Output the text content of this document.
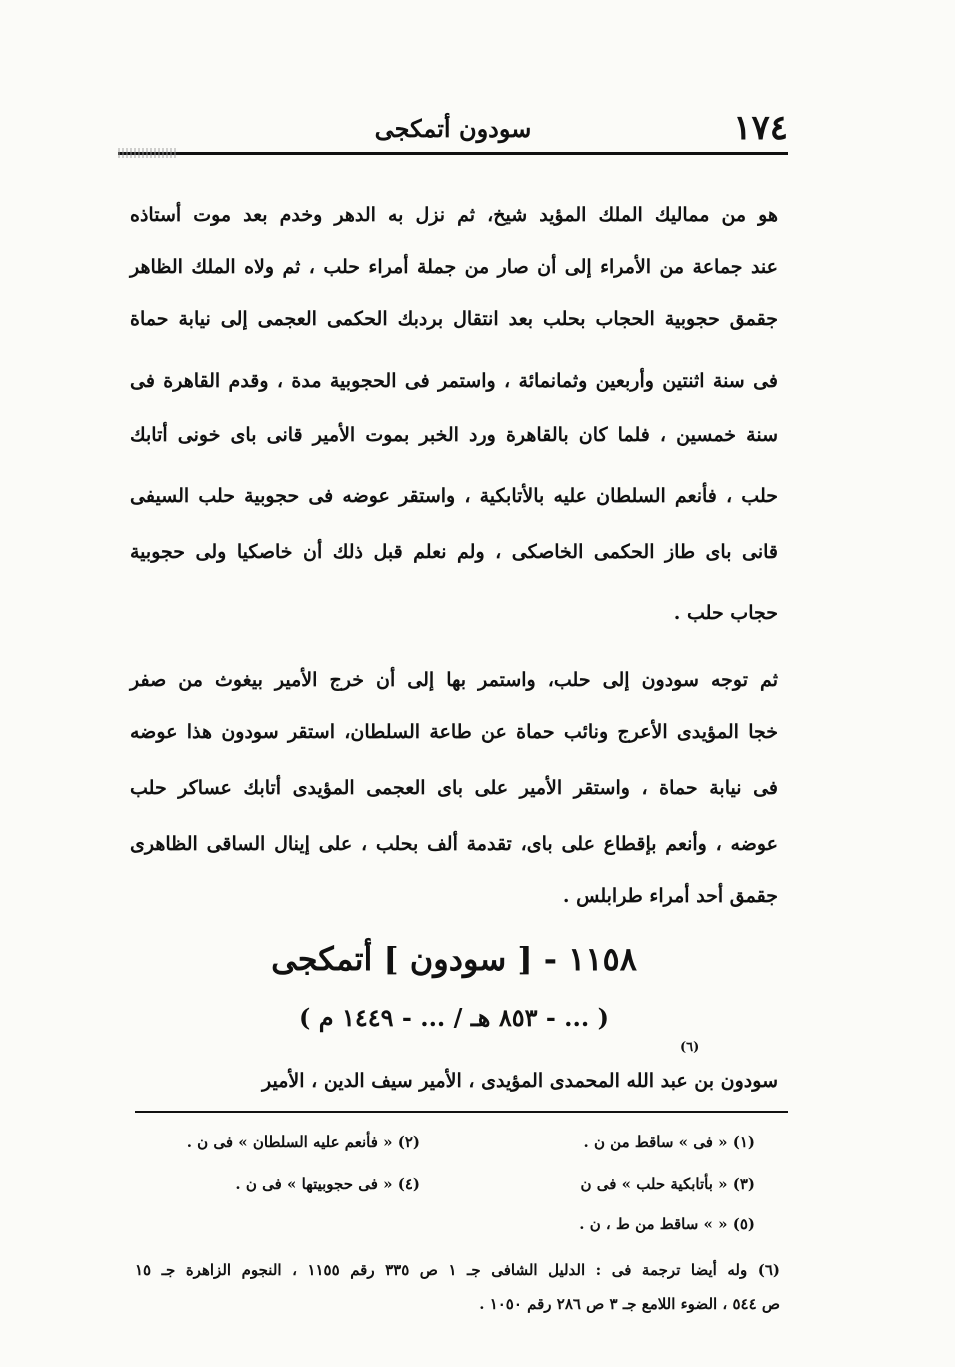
١٧٤
سودون أتمكجى

هو من مماليك الملك المؤيد شيخ، ثم نزل به الدهر وخدم بعد موت أستاذه

عند جماعة من الأمراء إلى أن صار من جملة أمراء حلب ، ثم ولاه الملك الظاهر

جقمق حجوبية الحجاب بحلب بعد انتقال بردبك الحكمى العجمى إلى نيابة حماة

فى سنة اثنتين وأربعين وثمانمائة ، واستمر فى الحجوبية مدة ، وقدم القاهرة فى

سنة خمسين ، فلما كان بالقاهرة ورد الخبر بموت الأمير قانى باى خونى أتابك

حلب ، فأنعم السلطان عليه بالأتابكية ، واستقر عوضه فى حجوبية حلب السيفى

قانى باى طاز الحكمى الخاصكى ، ولم نعلم قبل ذلك أن خاصكيا ولى حجوبية

حجاب حلب .

ثم توجه سودون إلى حلب، واستمر بها إلى أن خرج الأمير بيغوث من صفر

خجا المؤيدى الأعرج ونائب حماة عن طاعة السلطان، استقر سودون هذا عوضه

فى نيابة حماة ، واستقر الأمير على باى العجمى المؤيدى أتابك عساكر حلب

عوضه ، وأنعم بإقطاع على باى، تقدمة ألف بحلب ، على إينال الساقى الظاهرى

جقمق أحد أمراء طرابلس .

١١٥٨ - [ سودون ] أتمكجى
( ... - ٨٥٣ هـ / ... - ١٤٤٩ م )
(٦)

سودون بن عبد الله المحمدى المؤيدى ، الأمير سيف الدين ، الأمير

(١) « فى » ساقط من ن .
(٢) « فأنعم عليه السلطان » فى ن .
(٣) « بأتابكية حلب » فى ن
(٤) « فى حجوبيتها » فى ن .
(٥) « » ساقط من ط ، ن .
(٦) وله أيضا ترجمة فى : الدليل الشافى جـ ١ ص ٣٣٥ رقم ١١٥٥ ، النجوم الزاهرة جـ ١٥
ص ٥٤٤ ، الضوء اللامع جـ ٣ ص ٢٨٦ رقم ١٠٥٠ .
